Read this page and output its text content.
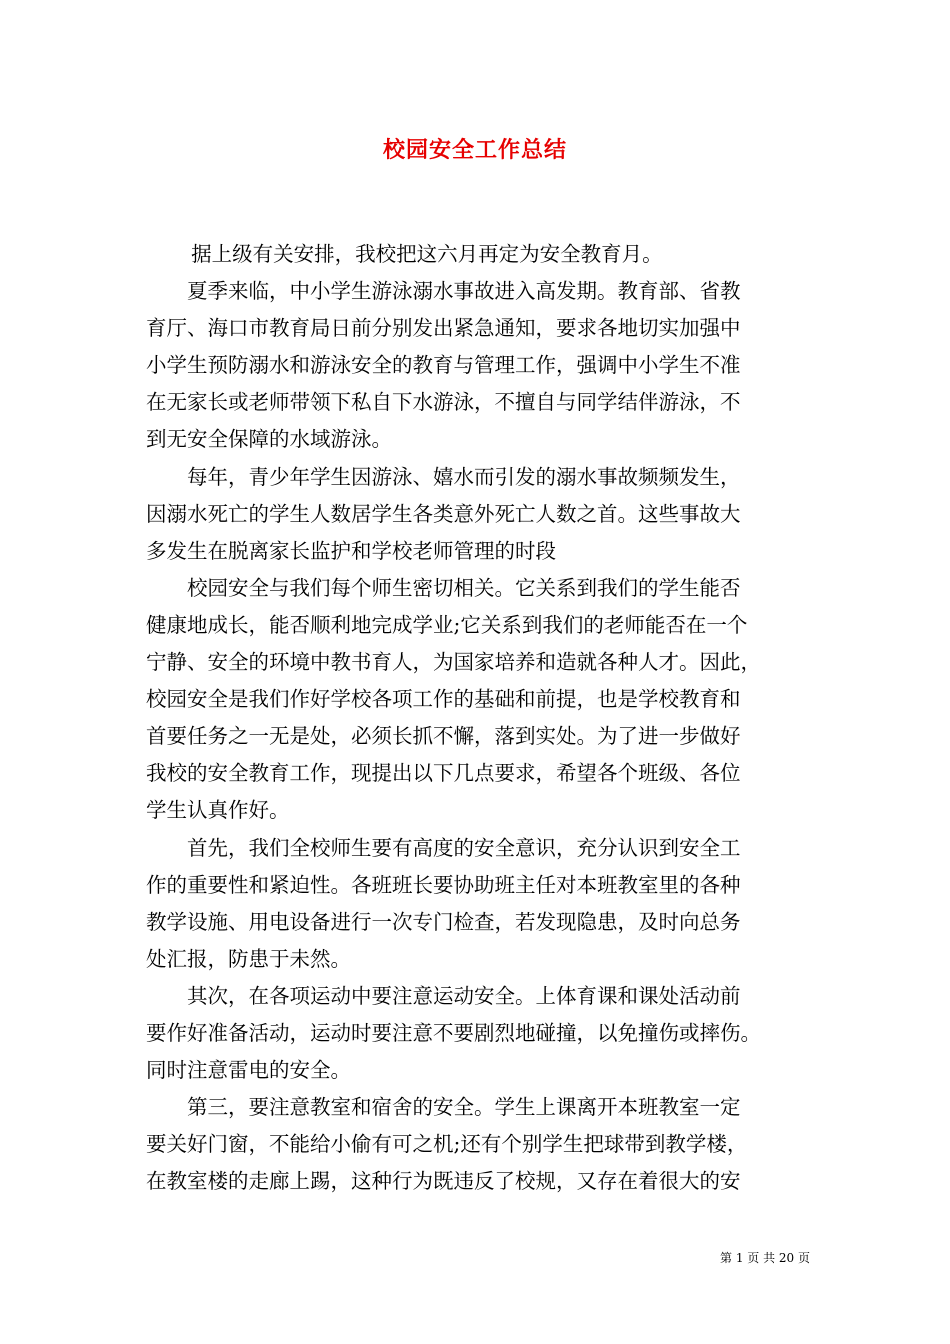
校园安全工作总结
据上级有关安排，我校把这六月再定为安全教育月。
夏季来临，中小学生游泳溺水事故进入高发期。教育部、省教
育厅、海口市教育局日前分别发出紧急通知，要求各地切实加强中
小学生预防溺水和游泳安全的教育与管理工作，强调中小学生不准
在无家长或老师带领下私自下水游泳，不擅自与同学结伴游泳，不
到无安全保障的水域游泳。
每年，青少年学生因游泳、嬉水而引发的溺水事故频频发生，
因溺水死亡的学生人数居学生各类意外死亡人数之首。这些事故大
多发生在脱离家长监护和学校老师管理的时段
校园安全与我们每个师生密切相关。它关系到我们的学生能否
健康地成长，能否顺利地完成学业;它关系到我们的老师能否在一个
宁静、安全的环境中教书育人，为国家培养和造就各种人才。因此，
校园安全是我们作好学校各项工作的基础和前提，也是学校教育和
首要任务之一无是处，必须长抓不懈，落到实处。为了进一步做好
我校的安全教育工作，现提出以下几点要求，希望各个班级、各位
学生认真作好。
首先，我们全校师生要有高度的安全意识，充分认识到安全工
作的重要性和紧迫性。各班班长要协助班主任对本班教室里的各种
教学设施、用电设备进行一次专门检查，若发现隐患，及时向总务
处汇报，防患于未然。
其次，在各项运动中要注意运动安全。上体育课和课处活动前
要作好准备活动，运动时要注意不要剧烈地碰撞，以免撞伤或摔伤。
同时注意雷电的安全。
第三，要注意教室和宿舍的安全。学生上课离开本班教室一定
要关好门窗，不能给小偷有可之机;还有个别学生把球带到教学楼，
在教室楼的走廊上踢，这种行为既违反了校规，又存在着很大的安
第 1 页 共 20 页
